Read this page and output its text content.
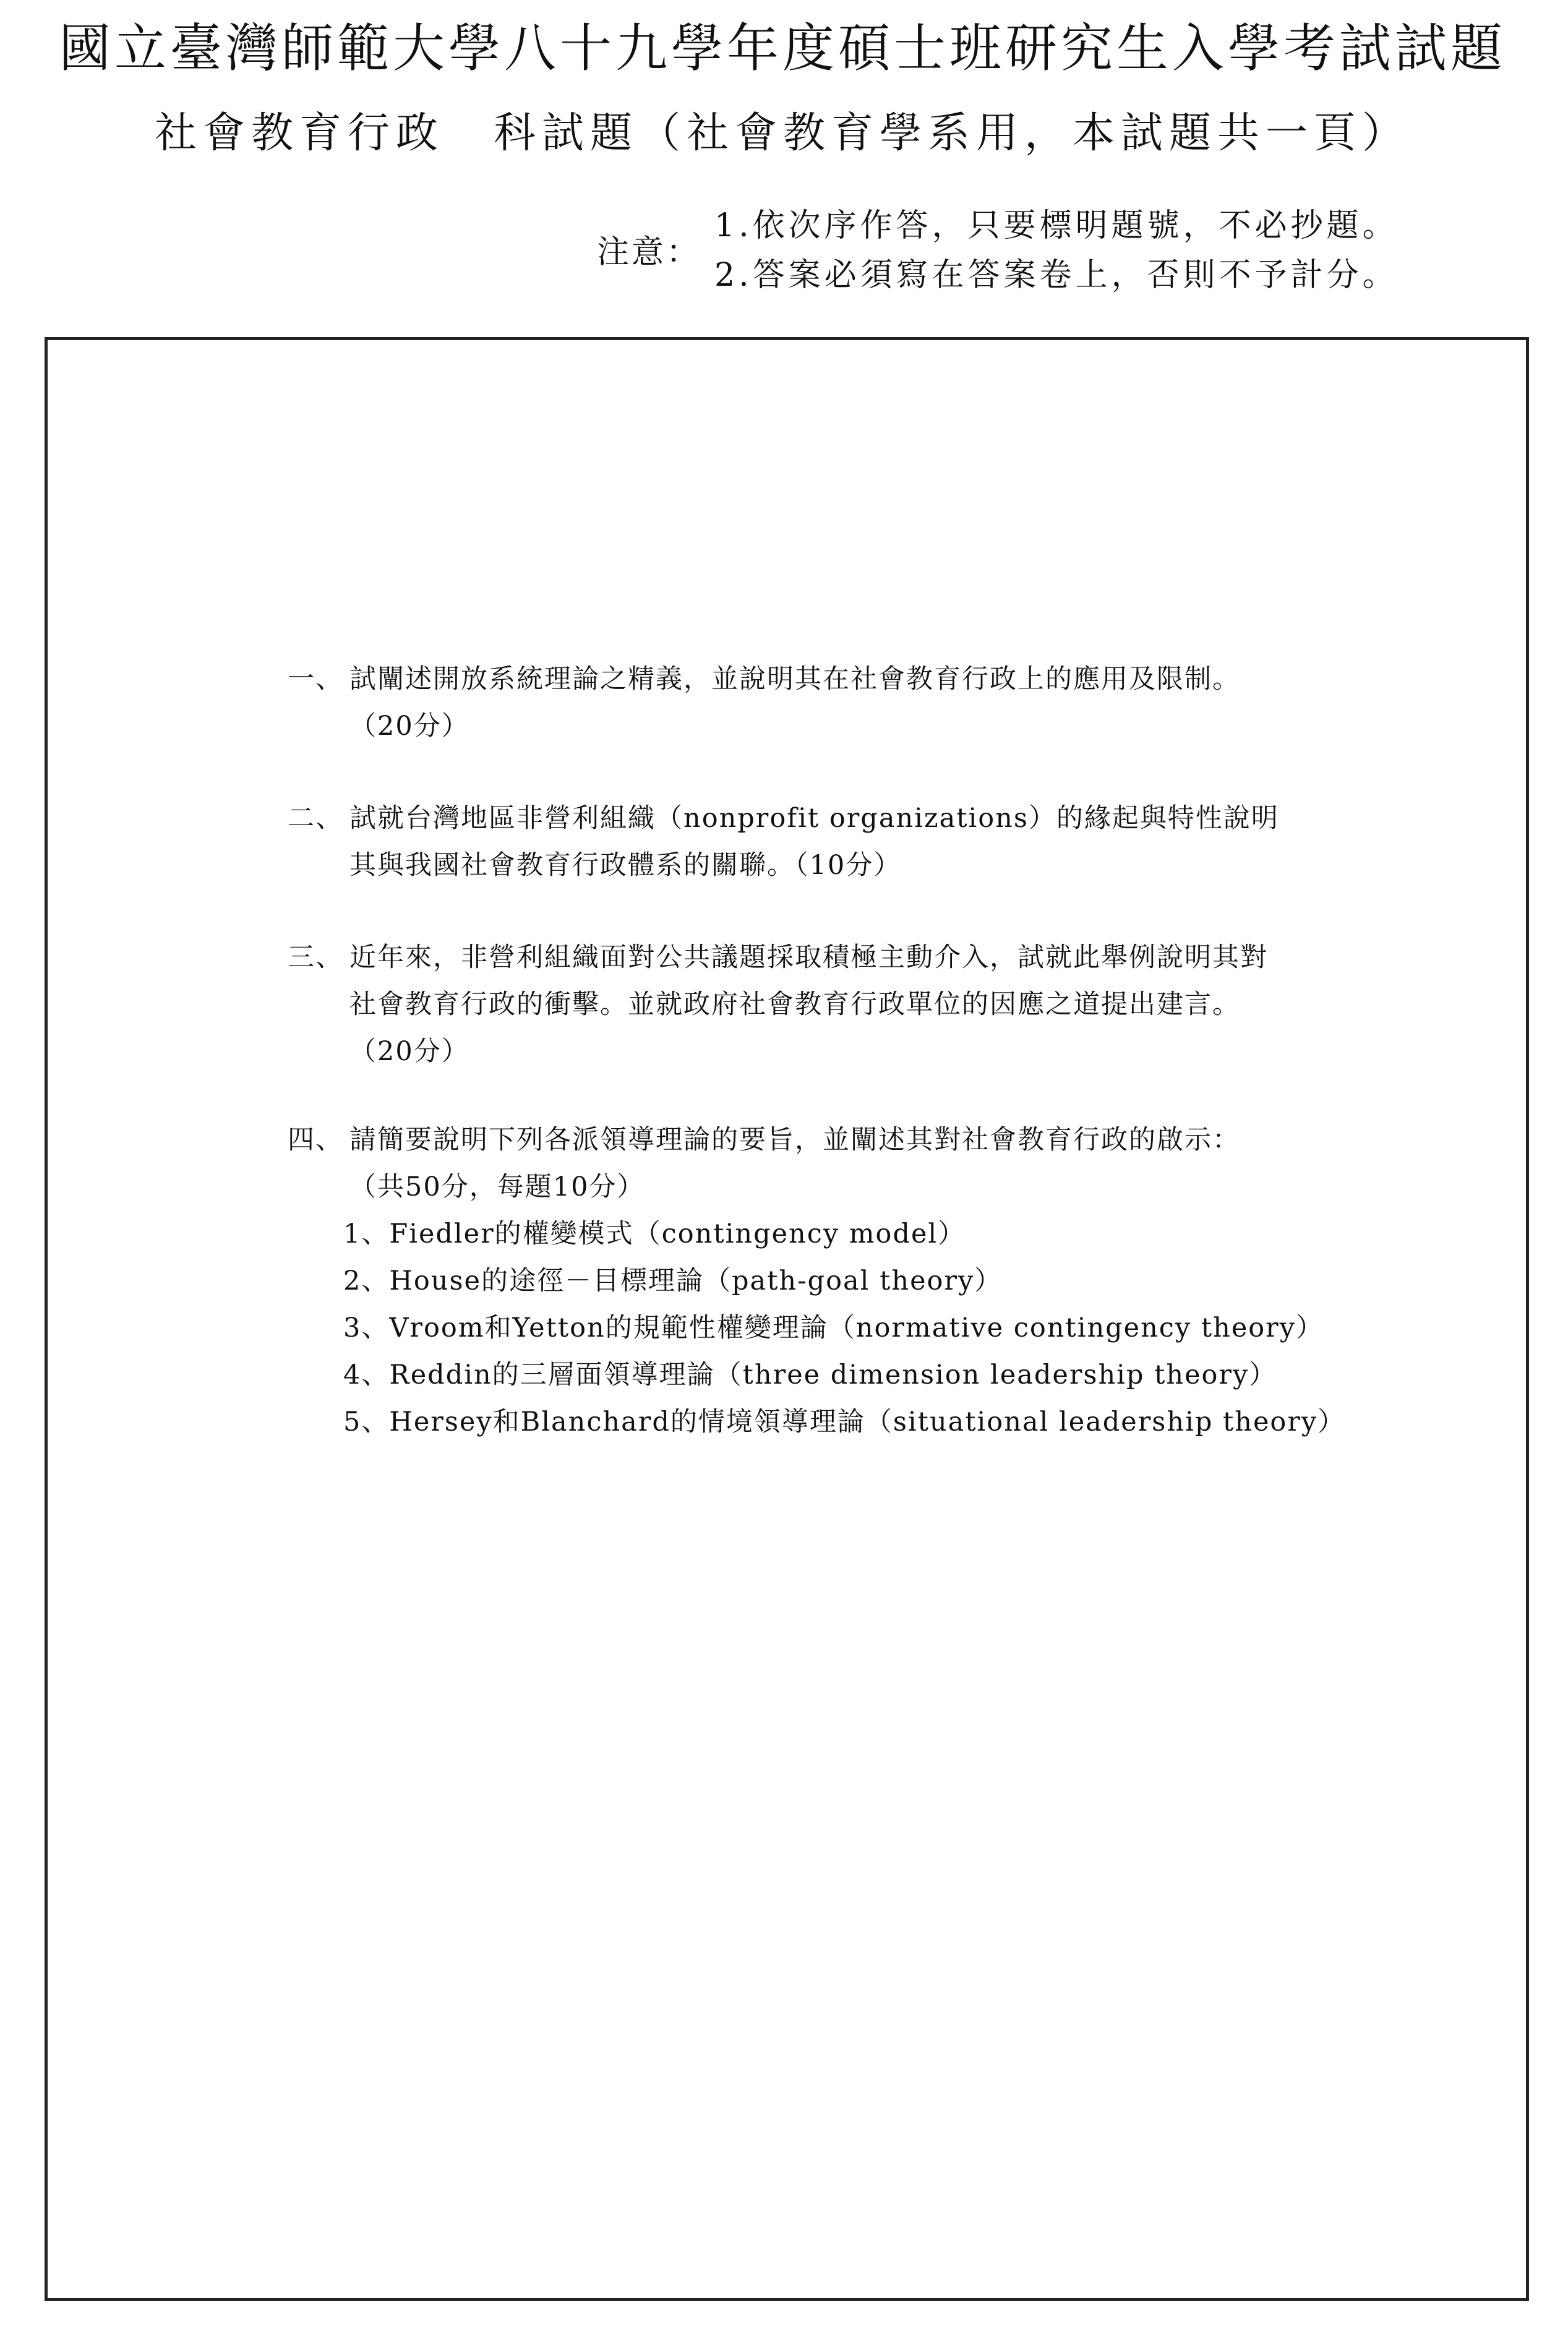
國立臺灣師範大學八十九學年度碩士班研究生入學考試試題
社會教育行政 科試題（社會教育學系用，本試題共一頁）
注意：
1.依次序作答，只要標明題號，不必抄題。
2.答案必須寫在答案卷上，否則不予計分。
一、 試闡述開放系統理論之精義，並說明其在社會教育行政上的應用及限制。
（20分）
二、 試就台灣地區非營利組織（nonprofit organizations）的緣起與特性說明
其與我國社會教育行政體系的關聯。（10分）
三、 近年來，非營利組織面對公共議題採取積極主動介入，試就此舉例說明其對
社會教育行政的衝擊。並就政府社會教育行政單位的因應之道提出建言。
（20分）
四、 請簡要說明下列各派領導理論的要旨，並闡述其對社會教育行政的啟示：
（共50分，每題10分）
1、Fiedler的權變模式（contingency model）
2、House的途徑－目標理論（path-goal theory）
3、Vroom和Yetton的規範性權變理論（normative contingency theory）
4、Reddin的三層面領導理論（three dimension leadership theory）
5、Hersey和Blanchard的情境領導理論（situational leadership theory）
